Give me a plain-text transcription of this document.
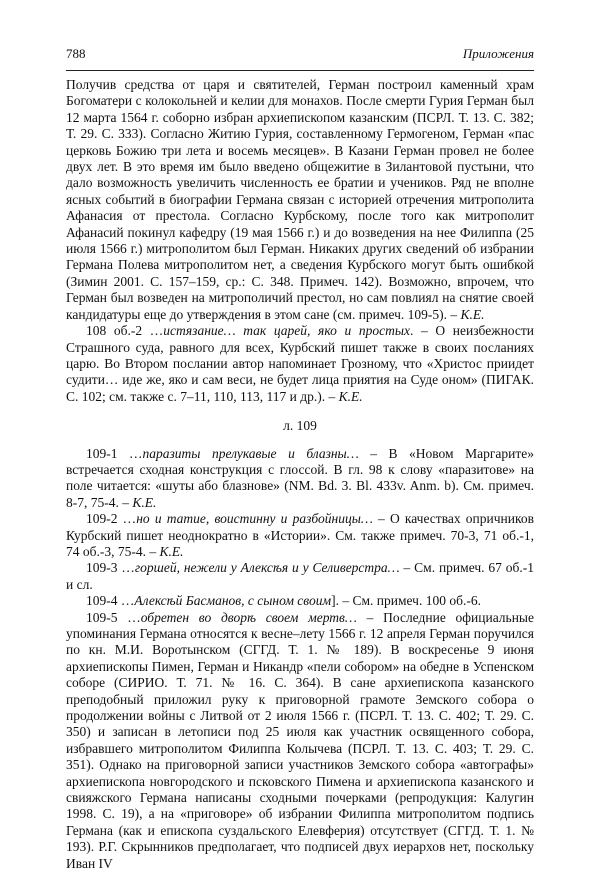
788	Приложения

Получив средства от царя и святителей, Герман построил каменный храм Богоматери с колокольней и келии для монахов. После смерти Гурия Герман был 12 марта 1564 г. соборно избран архиепископом казанским (ПСРЛ. Т. 13. С. 382; Т. 29. С. 333). Согласно Житию Гурия, составленному Гермогеном, Герман «пас церковь Божию три лета и восемь месяцев». В Казани Герман провел не более двух лет. В это время им было введено общежитие в Зилантовой пустыни, что дало возможность увеличить численность ее братии и учеников. Ряд не вполне ясных событий в биографии Германа связан с историей отречения митрополита Афанасия от престола. Согласно Курбскому, после того как митрополит Афанасий покинул кафедру (19 мая 1566 г.) и до возведения на нее Филиппа (25 июля 1566 г.) митрополитом был Герман. Никаких других сведений об избрании Германа Полева митрополитом нет, а сведения Курбского могут быть ошибкой (Зимин 2001. С. 157–159, ср.: С. 348. Примеч. 142). Возможно, впрочем, что Герман был возведен на митрополичий престол, но сам повлиял на снятие своей кандидатуры еще до утверждения в этом сане (см. примеч. 109-5). – К.Е.

108 об.-2 …истязание… так царей, яко и простых. – О неизбежности Страшного суда, равного для всех, Курбский пишет также в своих посланиях царю. Во Втором послании автор напоминает Грозному, что «Христос приидет судити… иде же, яко и сам веси, не будет лица приятия на Суде оном» (ПИГАК. С. 102; см. также с. 7–11, 110, 113, 117 и др.). – К.Е.

л. 109

109-1 …паразиты прелукавые и блазны… – В «Новом Маргарите» встречается сходная конструкция с глоссой. В гл. 98 к слову «паразитове» на поле читается: «шуты або блазнове» (NM. Bd. 3. Bl. 433v. Anm. b). См. примеч. 8-7, 75-4. – К.Е.

109-2 …но и татие, воистинну и разбойницы… – О качествах опричников Курбский пишет неоднократно в «Истории». См. также примеч. 70-3, 71 об.-1, 74 об.-3, 75-4. – К.Е.

109-3 …горшей, нежели у Алексѣя и у Селиверстра… – См. примеч. 67 об.-1 и сл.

109-4 …Алексѣй Басманов, с сыном своим]. – См. примеч. 100 об.-6.

109-5 …обретен во дворѣ своем мертв… – Последние официальные упоминания Германа относятся к весне–лету 1566 г. 12 апреля Герман поручился по кн. М.И. Воротынском (СГГД. Т. 1. № 189). В воскресенье 9 июня архиепископы Пимен, Герман и Никандр «пели собором» на обедне в Успенском соборе (СИРИО. Т. 71. № 16. С. 364). В сане архиепископа казанского преподобный приложил руку к приговорной грамоте Земского собора о продолжении войны с Литвой от 2 июля 1566 г. (ПСРЛ. Т. 13. С. 402; Т. 29. С. 350) и записан в летописи под 25 июля как участник освященного собора, избравшего митрополитом Филиппа Колычева (ПСРЛ. Т. 13. С. 403; Т. 29. С. 351). Однако на приговорной записи участников Земского собора «автографы» архиепископа новгородского и псковского Пимена и архиепископа казанского и свияжского Германа написаны сходными почерками (репродукция: Калугин 1998. С. 19), а на «приговоре» об избрании Филиппа митрополитом подпись Германа (как и епископа суздальского Елевферия) отсутствует (СГГД. Т. 1. № 193). Р.Г. Скрынников предполагает, что подписей двух иерархов нет, поскольку Иван IV
